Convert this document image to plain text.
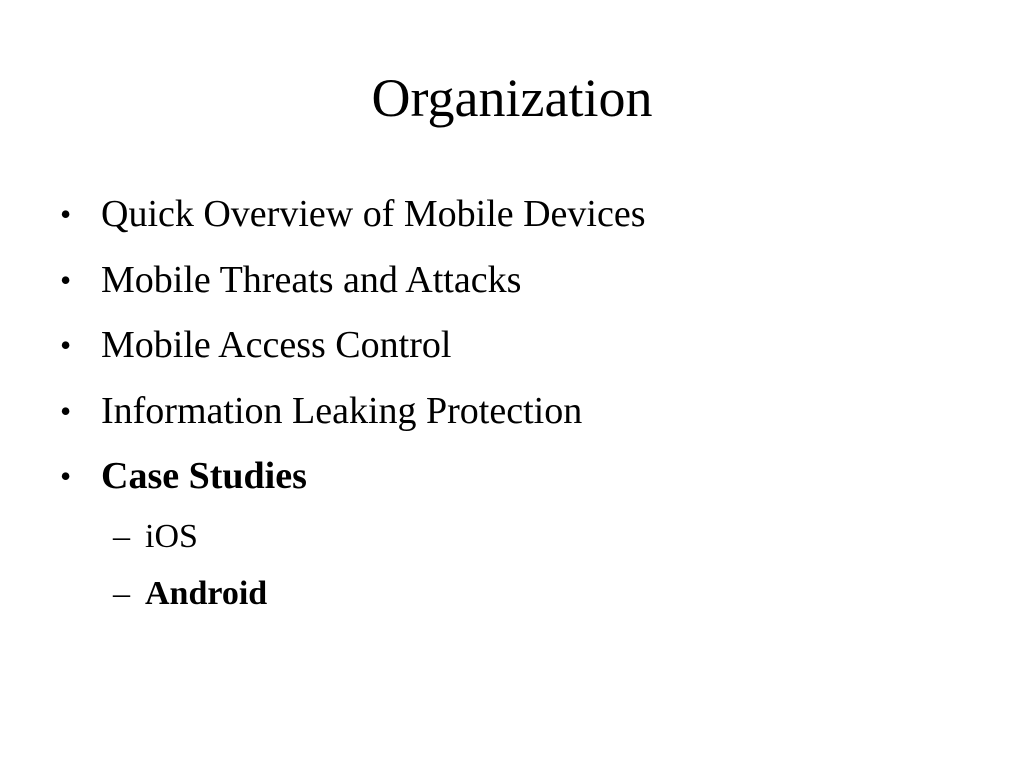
Organization
• Quick Overview of Mobile Devices
• Mobile Threats and Attacks
• Mobile Access Control
• Information Leaking Protection
• Case Studies
– iOS
– Android
